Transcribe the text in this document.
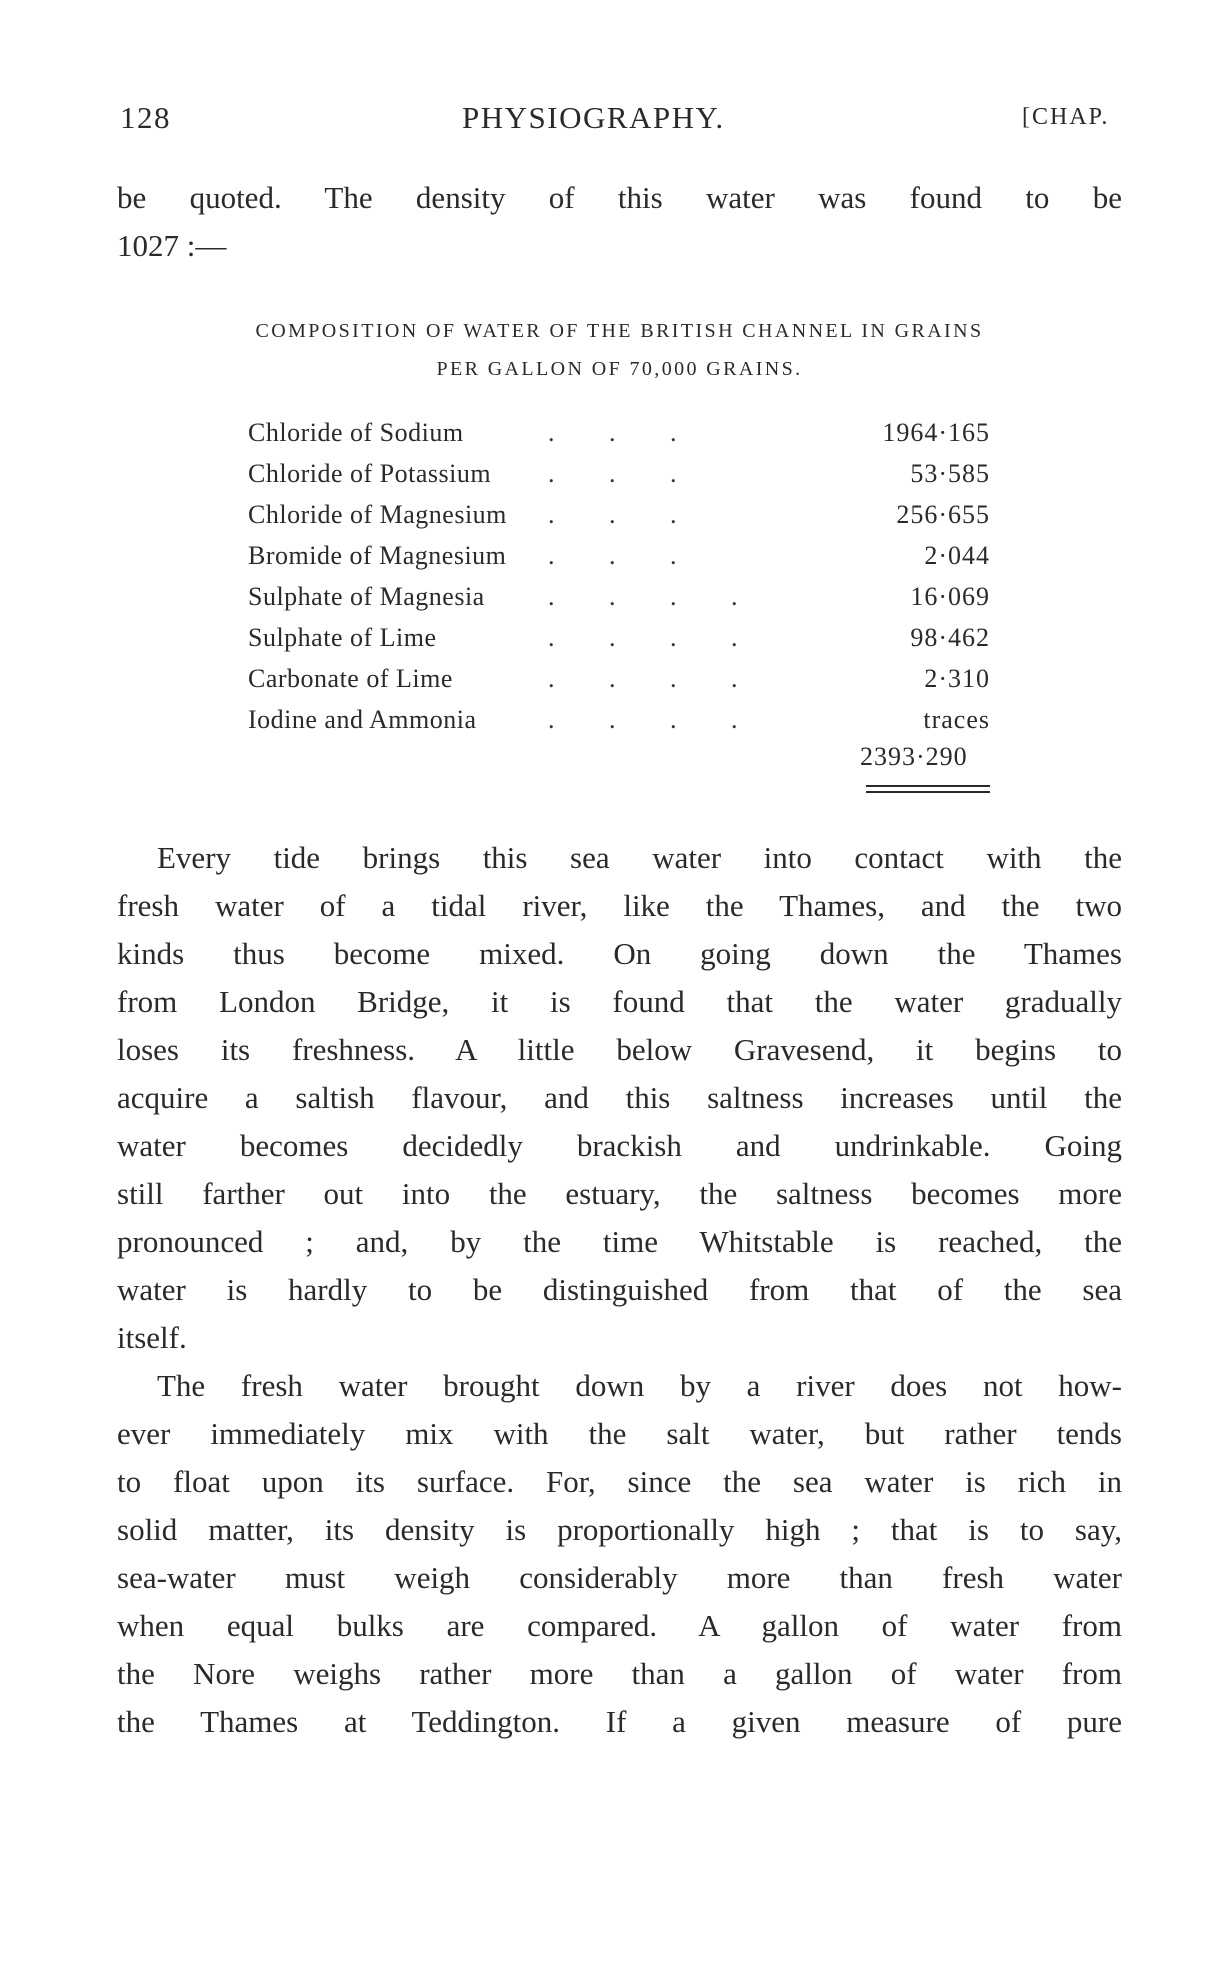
128	PHYSIOGRAPHY.	[CHAP.
be quoted. The density of this water was found to be
1027 :—
COMPOSITION OF WATER OF THE BRITISH CHANNEL IN GRAINS
PER GALLON OF 70,000 GRAINS.
Chloride of Sodium	. . .	1964·165
Chloride of Potassium . . .	53·585
Chloride of Magnesium . . .	256·655
Bromide of Magnesium . . .	2·044
Sulphate of Magnesia . . . .	16·069
Sulphate of Lime	. . . .	98·462
Carbonate of Lime	. . . .	2·310
Iodine and Ammonia	. . . .	traces
2393·290
Every tide brings this sea water into contact with the
fresh water of a tidal river, like the Thames, and the two
kinds thus become mixed. On going down the Thames
from London Bridge, it is found that the water gradually
loses its freshness. A little below Gravesend, it begins to
acquire a saltish flavour, and this saltness increases until the
water becomes decidedly brackish and undrinkable. Going
still farther out into the estuary, the saltness becomes more
pronounced ; and, by the time Whitstable is reached, the
water is hardly to be distinguished from that of the sea
itself.
The fresh water brought down by a river does not how-
ever immediately mix with the salt water, but rather tends
to float upon its surface. For, since the sea water is rich in
solid matter, its density is proportionally high ; that is to say,
sea-water must weigh considerably more than fresh water
when equal bulks are compared. A gallon of water from
the Nore weighs rather more than a gallon of water from
the Thames at Teddington. If a given measure of pure
